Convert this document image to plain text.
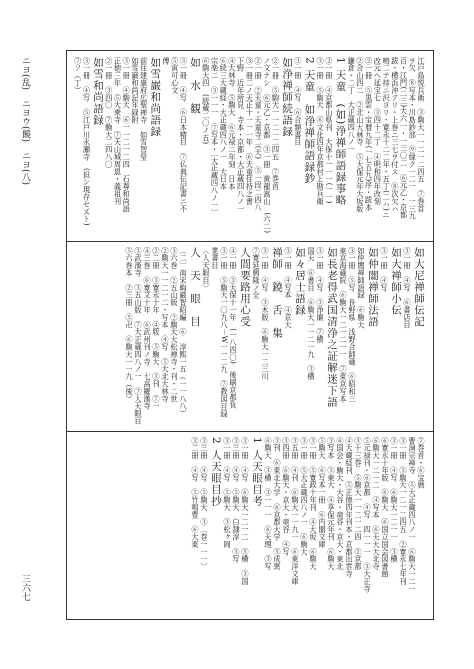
ニヨ(乱)　ニヨウ(饒)　ニヨ(八)
三六七
江戸島悦兵衛　③駒大一一二一二四五　⑦巻首
ヲ欠　⑧写本・川島鈔部　⑨縁ク一二一　一三九
百・江門(二三)大六一・一三〇二　⑥元乙・京都
跋・横浜沖アリ・上巻ニ三七ヲ付ス　⑧次欠ハ
鳴二テ持ニ沢ヨリ・寛永十二二年・五丁(二ハ)ニ
改元ヘ延宝七　③四十二丁　④明和四年改刻
②一冊　⑤黒雲・宝暦九年(一七五九)序・跋本
②合山四二　②北山大林寺　⑤大保元年大坂版
鎌倉・二丁　大正蔵四八ノ一
1 天童　(如)浄禅師語録事略
②一冊　④京都山県刊　大保十一一一(一一)
③一冊　⑤駒大　⑥文化四年京都村上勘兵衛
2 天童　如浄禅師語録鈔
③一冊　④写　⑥合類書目
如浄禅師続語録
②一冊　⑤駒大一一二一二四五　⑦巻首
ノ文ナシ　⑥元乙・京都　③一冊　黄龍嵩山　(六二)
②一冊　②天童・天童寺二(天)　⑤一段二四八
③一冊二ノ天正十一一一年　⑥天童住持之書
下野　近年所見　寺本・京都・大正蔵四八ノ一
④大林寺　⑤駒大　⑥元禄二年刻　日本
⑥続三大蔵経・大正蔵四八ノ一　大日本
宗楽二　③一一一　⑦写本・〔大正蔵四八ノ一〕
⑥駒大四　(続蔵二〇ノ五)
如　水　観
③一冊　④写　⑥日本精目　⑦仏典伝記書ニ不
⑤寅可心文
傅
如雪巌和尚語録
前住建康府広聖禅寺　如雪智瑩
如雪巌和尚記年録附
③一冊　④駒大　⑥一一二一二四　石尊和尚語
正徳三年　⑤大乗寺　⑦天山城周恩・義祖刊
②一冊　③四〇　⑦駒大二四八〇
如雪和尚語録
③一冊　④写　⑤江戸川永瀬寺　(但シ現存セズト)
⑦ソ（丁）
如大尼禅師伝記
③一冊　④写　⑥書店目
如大禅師小伝
③一冊　④写
如仲闇禅師法語
如仲闇禅師語録　⑥駒大
③一冊　⑤写　長野県　浅野合師蔵　⑥昭和三
東京海蔵院　⑥駒大一二一二一一　⑦東京写本
如長老得武国清浄之証解迷下語
③一冊　④写　③浄廉　⑦横
国天　⑥書目　⑥駒大一一二一九　③横
如々居士語録
③一冊　④写本　④京大
禅師　鐃　舌　集
③一冊　④写　③木版　⑥駒大一二三川
⑦寛延興隆ノ全
人間要路用心受
④一冊　③大保十一年　(一八四〇)　後刷京都負
③一冊　⑤駒大一〇九八－W一一二九　⑦教図目録
業書目
〈人天眼目〉
人　天　眼　目
〔二〕南宋晦巌智昭編　⑥　淳熙一五（一一八八）
③六巻　②五山版　②駒大大松禅寺・刊・二世
②駒大一一二一二・写本　④写　⑤大北大林寺
②二冊　③寛永十年　④版　⑤駒大　③刊　⑦一
④三巻　⑥寛文十年　⑥武州刊ノ寺　七高羅漢寺
③武漢寺　③五山版　⑦大正蔵四八ノ一　⑦人天眼目
⑤六巻本　②三冊　⑤卍　⑥駒大一一九（後）
⑦巻首・⑥宝暦
曹洞宗禅寺　⑤大正蔵四八ノ一　⑥駒大一二一
③一冊　⑤駒大一二一二四五　②寛永七年刊
③一冊　④写　⑥駒大一二一一　③横
⑥寛永十年版　⑥駒大　⑥国立国会図書館
⑥駒大一二一二　④写本　⑥天大大北寺
⑤元禄刊・⑥京都　④写　四一一一　③大正寺
③十三巻　⑤駒大一一二一二四　②京都
④大蔵経刊　⑤正徳四年刊本・京都出雲寺
⑥国会・駒大・大谷・竜谷・京大・東北
③写本　⑤東大　④享保元年刊　⑥駒大
⑤駒大　⑥写本一冊　⑥内閣文庫
③一冊　⑤寛政十年刊　④大坂　⑥駒大
③一冊　⑤大正蔵四八ノ一　⑥駒大
③五冊　④刊　⑥駒大一一九一　⑥東洋文庫
③四冊　⑥駒大・京大・竜谷　④写
③刊　⑥東北大学　⑥京都大学　③成異
⑥駒大　③横　③一一一　⑥天理　③写
1 人天眼目考
③一冊　④写　⑥駒大一二一二　③横　③国
③三冊　④写　⑤駒大　白隷淳　③写
③一冊　④写　⑤駒大　③松ヶ岡
2 人天眼目抄
③三冊　④写　⑤駒大　③〔巻一一一〕
③二冊　④写　⑤竹鳴豊　⑥大東
